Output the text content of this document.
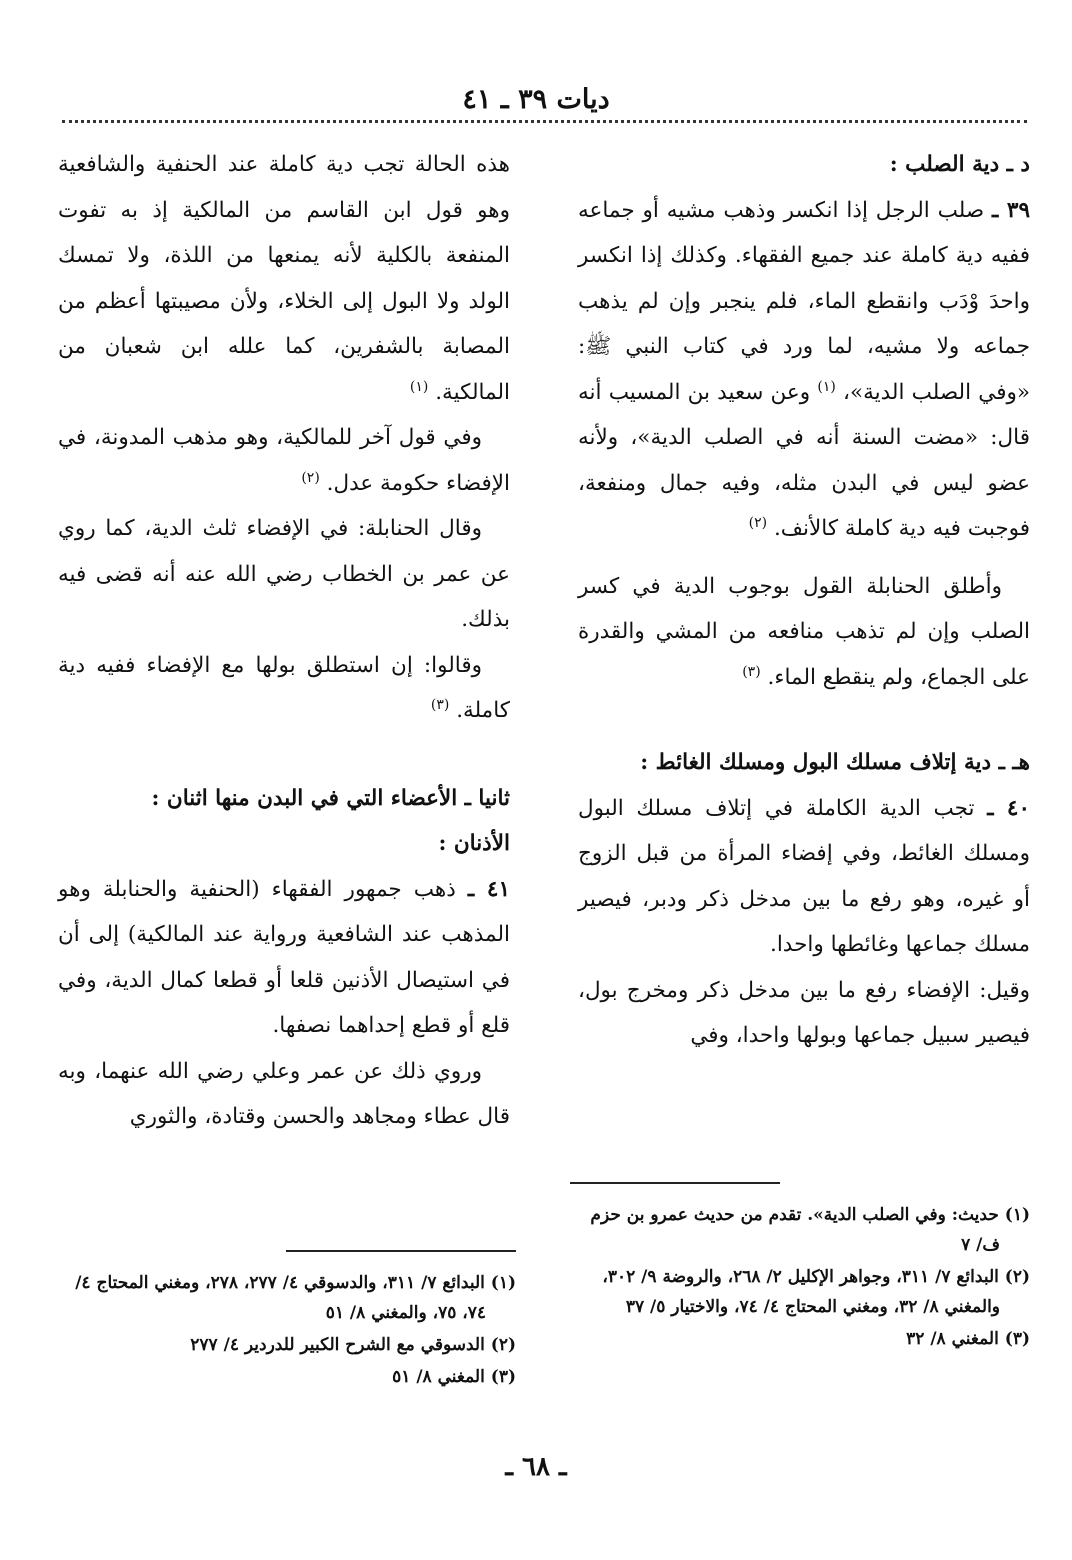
ديات ٣٩ ـ ٤١

د ـ دية الصلب :

٣٩ ـ صلب الرجل إذا انكسر وذهب مشيه أو جماعه ففيه دية كاملة عند جميع الفقهاء. وكذلك إذا انكسر واحدَ وْدَب وانقطع الماء، فلم ينجبر وإن لم يذهب جماعه ولا مشيه، لما ورد في كتاب النبي ﷺ: «وفي الصلب الدية»، $^{(١)}$ وعن سعيد بن المسيب أنه قال: «مضت السنة أنه في الصلب الدية»، ولأنه عضو ليس في البدن مثله، وفيه جمال ومنفعة، فوجبت فيه دية كاملة كالأنف. $^{(٢)}$

وأطلق الحنابلة القول بوجوب الدية في كسر الصلب وإن لم تذهب منافعه من المشي والقدرة على الجماع، ولم ينقطع الماء. $^{(٣)}$

هـ ـ دية إتلاف مسلك البول ومسلك الغائط :

٤٠ ـ تجب الدية الكاملة في إتلاف مسلك البول ومسلك الغائط، وفي إفضاء المرأة من قبل الزوج أو غيره، وهو رفع ما بين مدخل ذكر ودبر، فيصير مسلك جماعها وغائطها واحدا.

وقيل: الإفضاء رفع ما بين مدخل ذكر ومخرج بول، فيصير سبيل جماعها وبولها واحدا، وفي

هذه الحالة تجب دية كاملة عند الحنفية والشافعية وهو قول ابن القاسم من المالكية إذ به تفوت المنفعة بالكلية لأنه يمنعها من اللذة، ولا تمسك الولد ولا البول إلى الخلاء، ولأن مصيبتها أعظم من المصابة بالشفرين، كما علله ابن شعبان من المالكية. $^{(١)}$

وفي قول آخر للمالكية، وهو مذهب المدونة، في الإفضاء حكومة عدل. $^{(٢)}$

وقال الحنابلة: في الإفضاء ثلث الدية، كما روي عن عمر بن الخطاب رضي الله عنه أنه قضى فيه بذلك.

وقالوا: إن استطلق بولها مع الإفضاء ففيه دية كاملة. $^{(٣)}$

ثانيا ـ الأعضاء التي في البدن منها اثنان :

الأذنان :

٤١ ـ ذهب جمهور الفقهاء (الحنفية والحنابلة وهو المذهب عند الشافعية ورواية عند المالكية) إلى أن في استيصال الأذنين قلعا أو قطعا كمال الدية، وفي قلع أو قطع إحداهما نصفها.

وروي ذلك عن عمر وعلي رضي الله عنهما، وبه قال عطاء ومجاهد والحسن وقتادة، والثوري

(١) حديث: وفي الصلب الدية». تقدم من حديث عمرو بن حزم ف/ ٧

(٢) البدائع ٧/ ٣١١، وجواهر الإكليل ٢/ ٢٦٨، والروضة ٩/ ٣٠٢، والمغني ٨/ ٣٢، ومغني المحتاج ٤/ ٧٤، والاختيار ٥/ ٣٧

(٣) المغني ٨/ ٣٢

(١) البدائع ٧/ ٣١١، والدسوقي ٤/ ٢٧٧، ٢٧٨، ومغني المحتاج ٤/ ٧٤، ٧٥، والمغني ٨/ ٥١

(٢) الدسوقي مع الشرح الكبير للدردير ٤/ ٢٧٧

(٣) المغني ٨/ ٥١

ـ ٦٨ ـ
